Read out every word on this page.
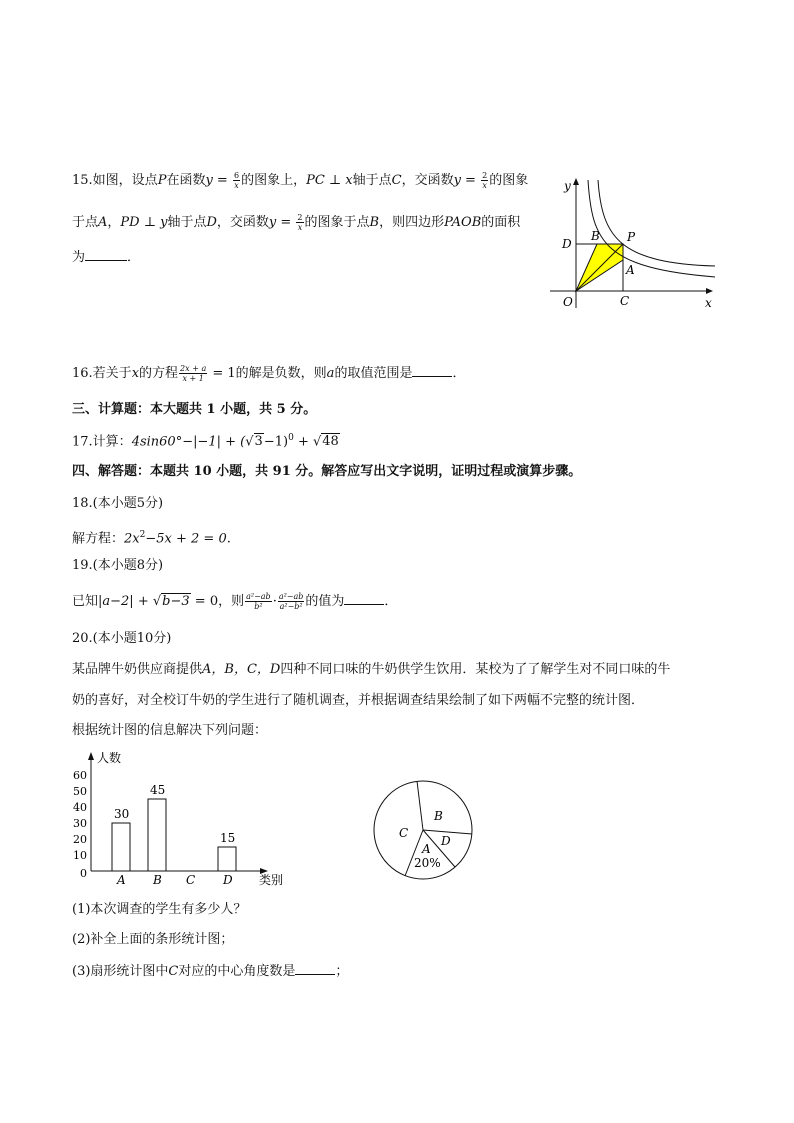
15.如图，设点P在函数$y = \frac{6}{x}$ 的图象上，PC ⊥ x轴于点C，交函数$y = \frac{2}{x}$ 的图象
于点A，PD ⊥ y轴于点D，交函数$y = \frac{2}{x}$ 的图象于点B，则四边形PAOB的面积
为	．
y
x
O
D
B P
A
C
16.若关于x的方程 $\frac{2x + a}{x + 1} = 1$的解是负数，则a的取值范围是	．
三、计算题：本大题共 1 小题，共 5 分。
17.计算：$4\sin 60^\circ-|-1| + (√3-1)^0 + √48$
四、解答题：本题共 10 小题，共 91 分。解答应写出文字说明，证明过程或演算步骤。
18.(本小题5分)
解方程：$2x^2-5x + 2 = 0$.
19.(本小题8分)
已知|a−2| + √b−3 = 0，则 $\frac{\text{a²−ab}}{\text{b²}} \cdot \frac{\text{a²−ab}}{\text{a²−b²}}$ 的值为	．
20.(本小题10分)
某品牌牛奶供应商提供A，B，C，D四种不同口味的牛奶供学生饮用．某校为了了解学生对不同口味的牛
奶的喜好，对全校订牛奶的学生进行了随机调查，并根据调查结果绘制了如下两幅不完整的统计图．
根据统计图的信息解决下列问题：
人数
类别
0
10
20
30
40
50
60
A
30
B
45
C D
15
B
D
A
C
20%
(1)本次调查的学生有多少人？
(2)补全上面的条形统计图；
(3)扇形统计图中C对应的中心角度数是	；
